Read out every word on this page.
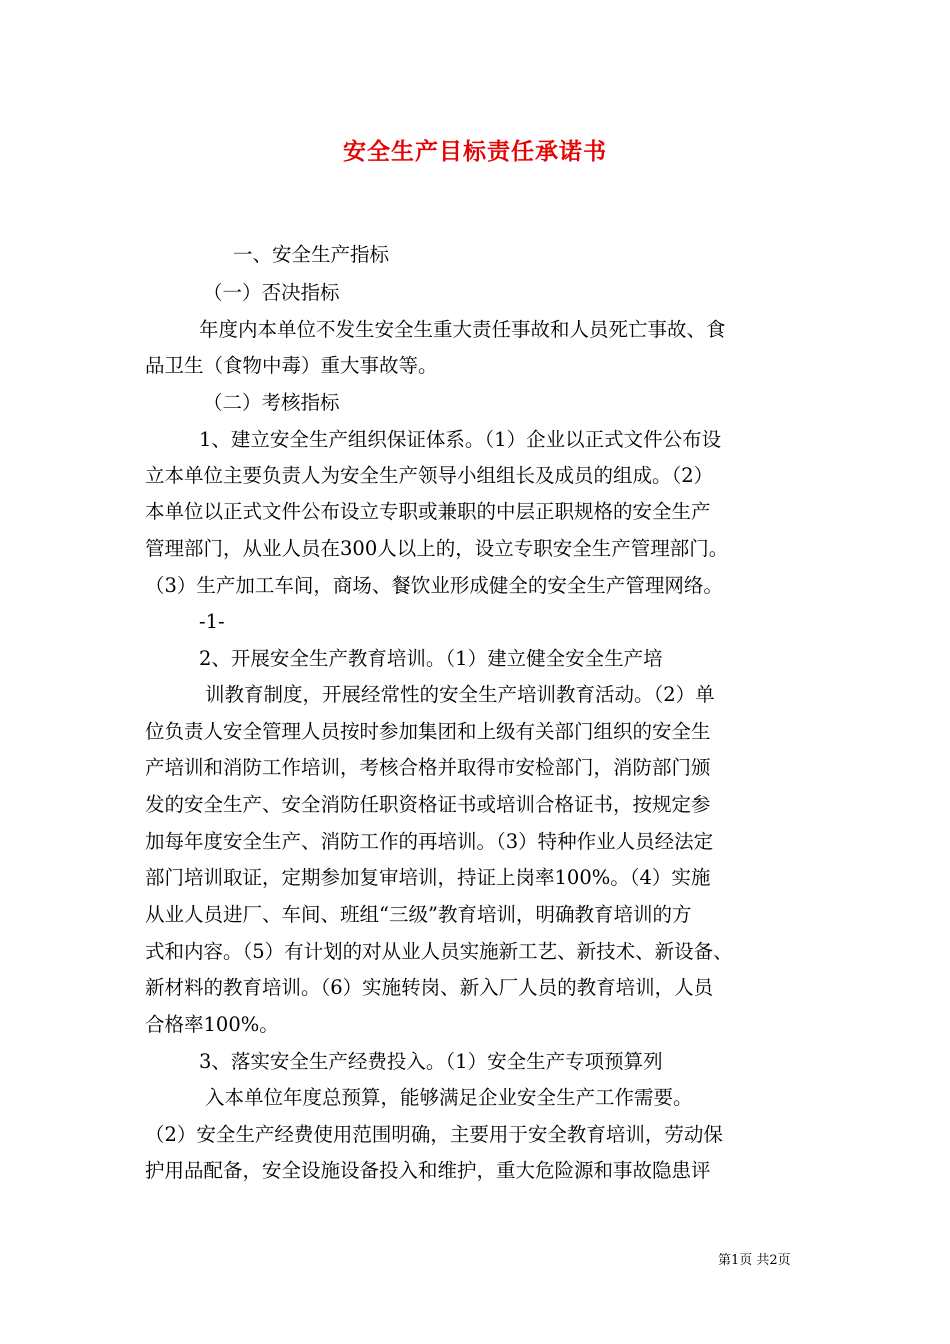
安全生产目标责任承诺书
一、安全生产指标
（一）否决指标
年度内本单位不发生安全生重大责任事故和人员死亡事故、食
品卫生（食物中毒）重大事故等。
（二）考核指标
1、建立安全生产组织保证体系。（1）企业以正式文件公布设
立本单位主要负责人为安全生产领导小组组长及成员的组成。（2）
本单位以正式文件公布设立专职或兼职的中层正职规格的安全生产
管理部门，从业人员在300人以上的，设立专职安全生产管理部门。
（3）生产加工车间，商场、餐饮业形成健全的安全生产管理网络。
-1-
2、开展安全生产教育培训。（1）建立健全安全生产培
训教育制度，开展经常性的安全生产培训教育活动。（2）单
位负责人安全管理人员按时参加集团和上级有关部门组织的安全生
产培训和消防工作培训，考核合格并取得市安检部门，消防部门颁
发的安全生产、安全消防任职资格证书或培训合格证书，按规定参
加每年度安全生产、消防工作的再培训。（3）特种作业人员经法定
部门培训取证，定期参加复审培训，持证上岗率100%。（4）实施
从业人员进厂、车间、班组“三级”教育培训，明确教育培训的方
式和内容。（5）有计划的对从业人员实施新工艺、新技术、新设备、
新材料的教育培训。（6）实施转岗、新入厂人员的教育培训，人员
合格率100%。
3、落实安全生产经费投入。（1）安全生产专项预算列
入本单位年度总预算，能够满足企业安全生产工作需要。
（2）安全生产经费使用范围明确，主要用于安全教育培训，劳动保
护用品配备，安全设施设备投入和维护，重大危险源和事故隐患评
第1页 共2页
